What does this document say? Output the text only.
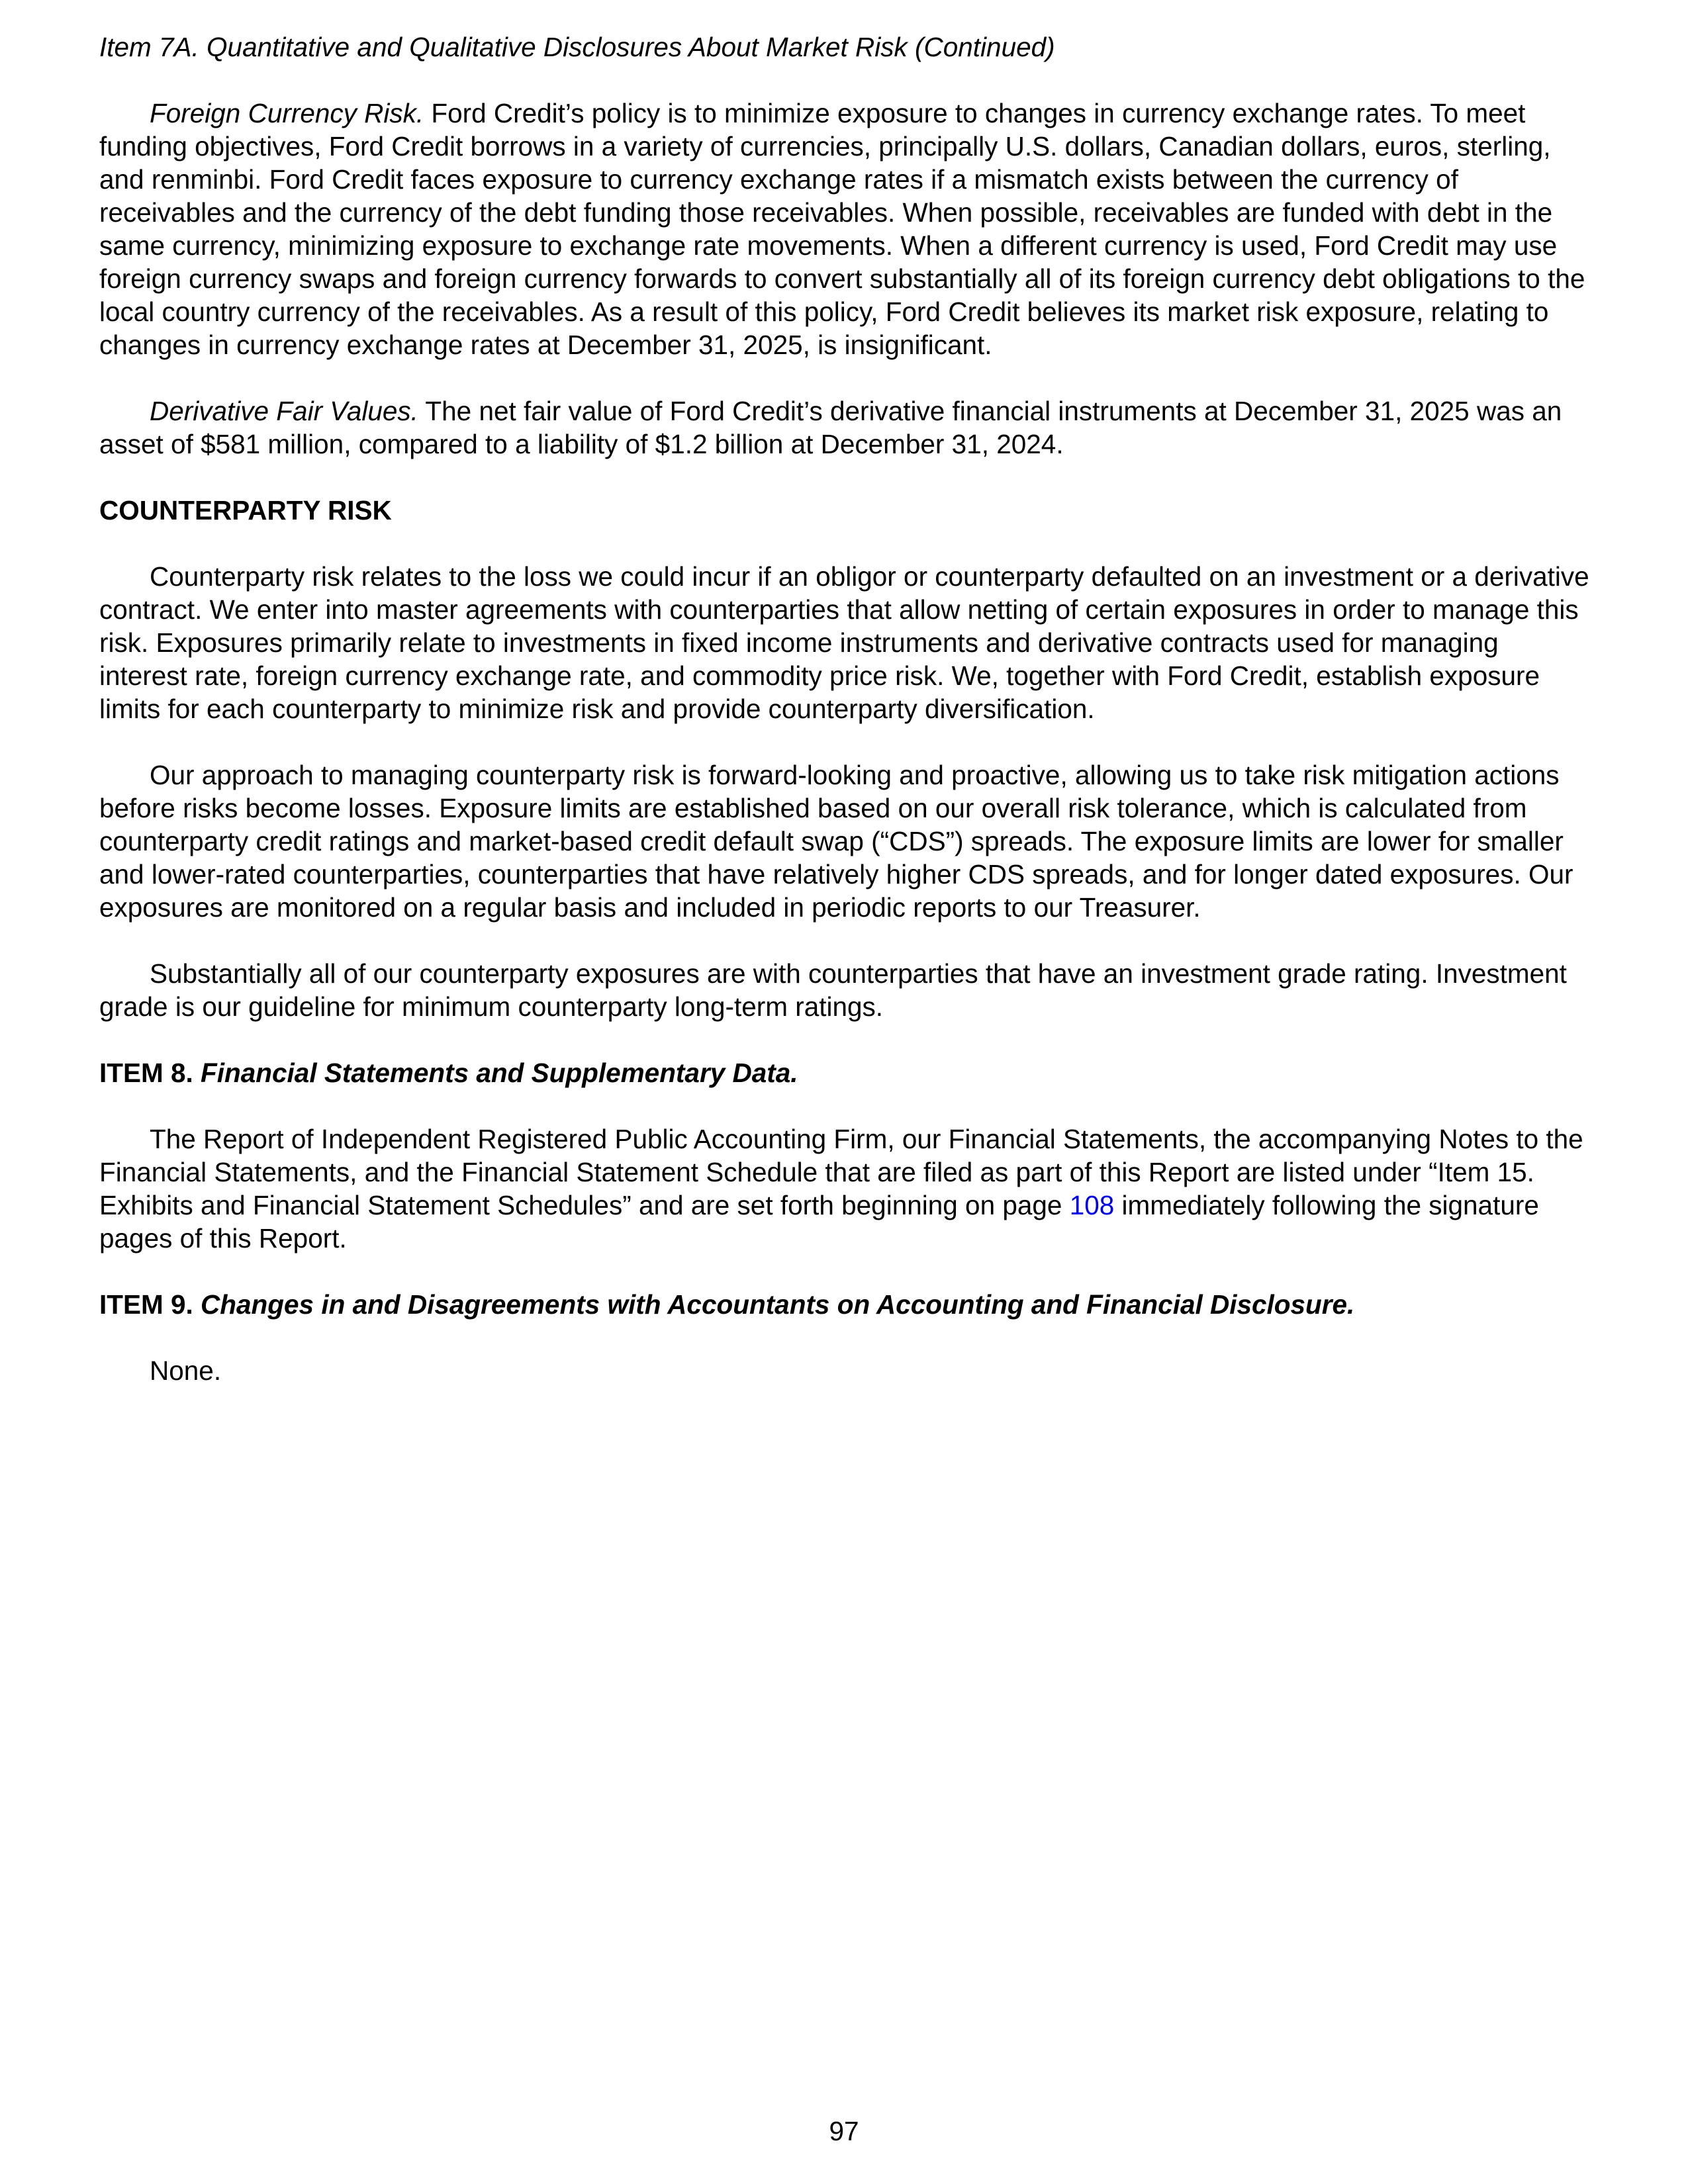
Item 7A. Quantitative and Qualitative Disclosures About Market Risk (Continued)

Foreign Currency Risk. Ford Credit’s policy is to minimize exposure to changes in currency exchange rates. To meet funding objectives, Ford Credit borrows in a variety of currencies, principally U.S. dollars, Canadian dollars, euros, sterling, and renminbi. Ford Credit faces exposure to currency exchange rates if a mismatch exists between the currency of receivables and the currency of the debt funding those receivables. When possible, receivables are funded with debt in the same currency, minimizing exposure to exchange rate movements. When a different currency is used, Ford Credit may use foreign currency swaps and foreign currency forwards to convert substantially all of its foreign currency debt obligations to the local country currency of the receivables. As a result of this policy, Ford Credit believes its market risk exposure, relating to changes in currency exchange rates at December 31, 2025, is insignificant.

Derivative Fair Values. The net fair value of Ford Credit’s derivative financial instruments at December 31, 2025 was an asset of $581 million, compared to a liability of $1.2 billion at December 31, 2024.

COUNTERPARTY RISK

Counterparty risk relates to the loss we could incur if an obligor or counterparty defaulted on an investment or a derivative contract. We enter into master agreements with counterparties that allow netting of certain exposures in order to manage this risk. Exposures primarily relate to investments in fixed income instruments and derivative contracts used for managing interest rate, foreign currency exchange rate, and commodity price risk. We, together with Ford Credit, establish exposure limits for each counterparty to minimize risk and provide counterparty diversification.

Our approach to managing counterparty risk is forward-looking and proactive, allowing us to take risk mitigation actions before risks become losses. Exposure limits are established based on our overall risk tolerance, which is calculated from counterparty credit ratings and market-based credit default swap (“CDS”) spreads. The exposure limits are lower for smaller and lower-rated counterparties, counterparties that have relatively higher CDS spreads, and for longer dated exposures. Our exposures are monitored on a regular basis and included in periodic reports to our Treasurer.

Substantially all of our counterparty exposures are with counterparties that have an investment grade rating. Investment grade is our guideline for minimum counterparty long-term ratings.

ITEM 8. Financial Statements and Supplementary Data.

The Report of Independent Registered Public Accounting Firm, our Financial Statements, the accompanying Notes to the Financial Statements, and the Financial Statement Schedule that are filed as part of this Report are listed under “Item 15. Exhibits and Financial Statement Schedules” and are set forth beginning on page 108 immediately following the signature pages of this Report.

ITEM 9. Changes in and Disagreements with Accountants on Accounting and Financial Disclosure.

None.

97
